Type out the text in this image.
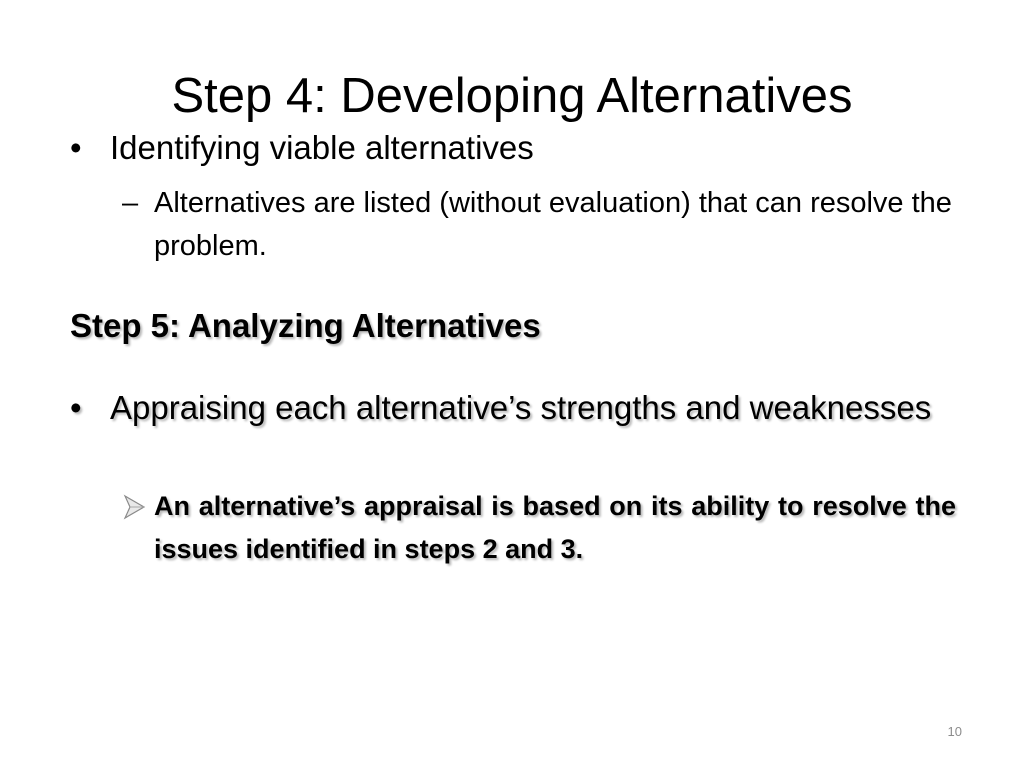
Step 4: Developing Alternatives
• Identifying viable alternatives
– Alternatives are listed (without evaluation) that can resolve the problem.
Step 5: Analyzing Alternatives
• Appraising each alternative’s strengths and weaknesses
An alternative’s appraisal is based on its ability to resolve the issues identified in steps 2 and 3.
10
